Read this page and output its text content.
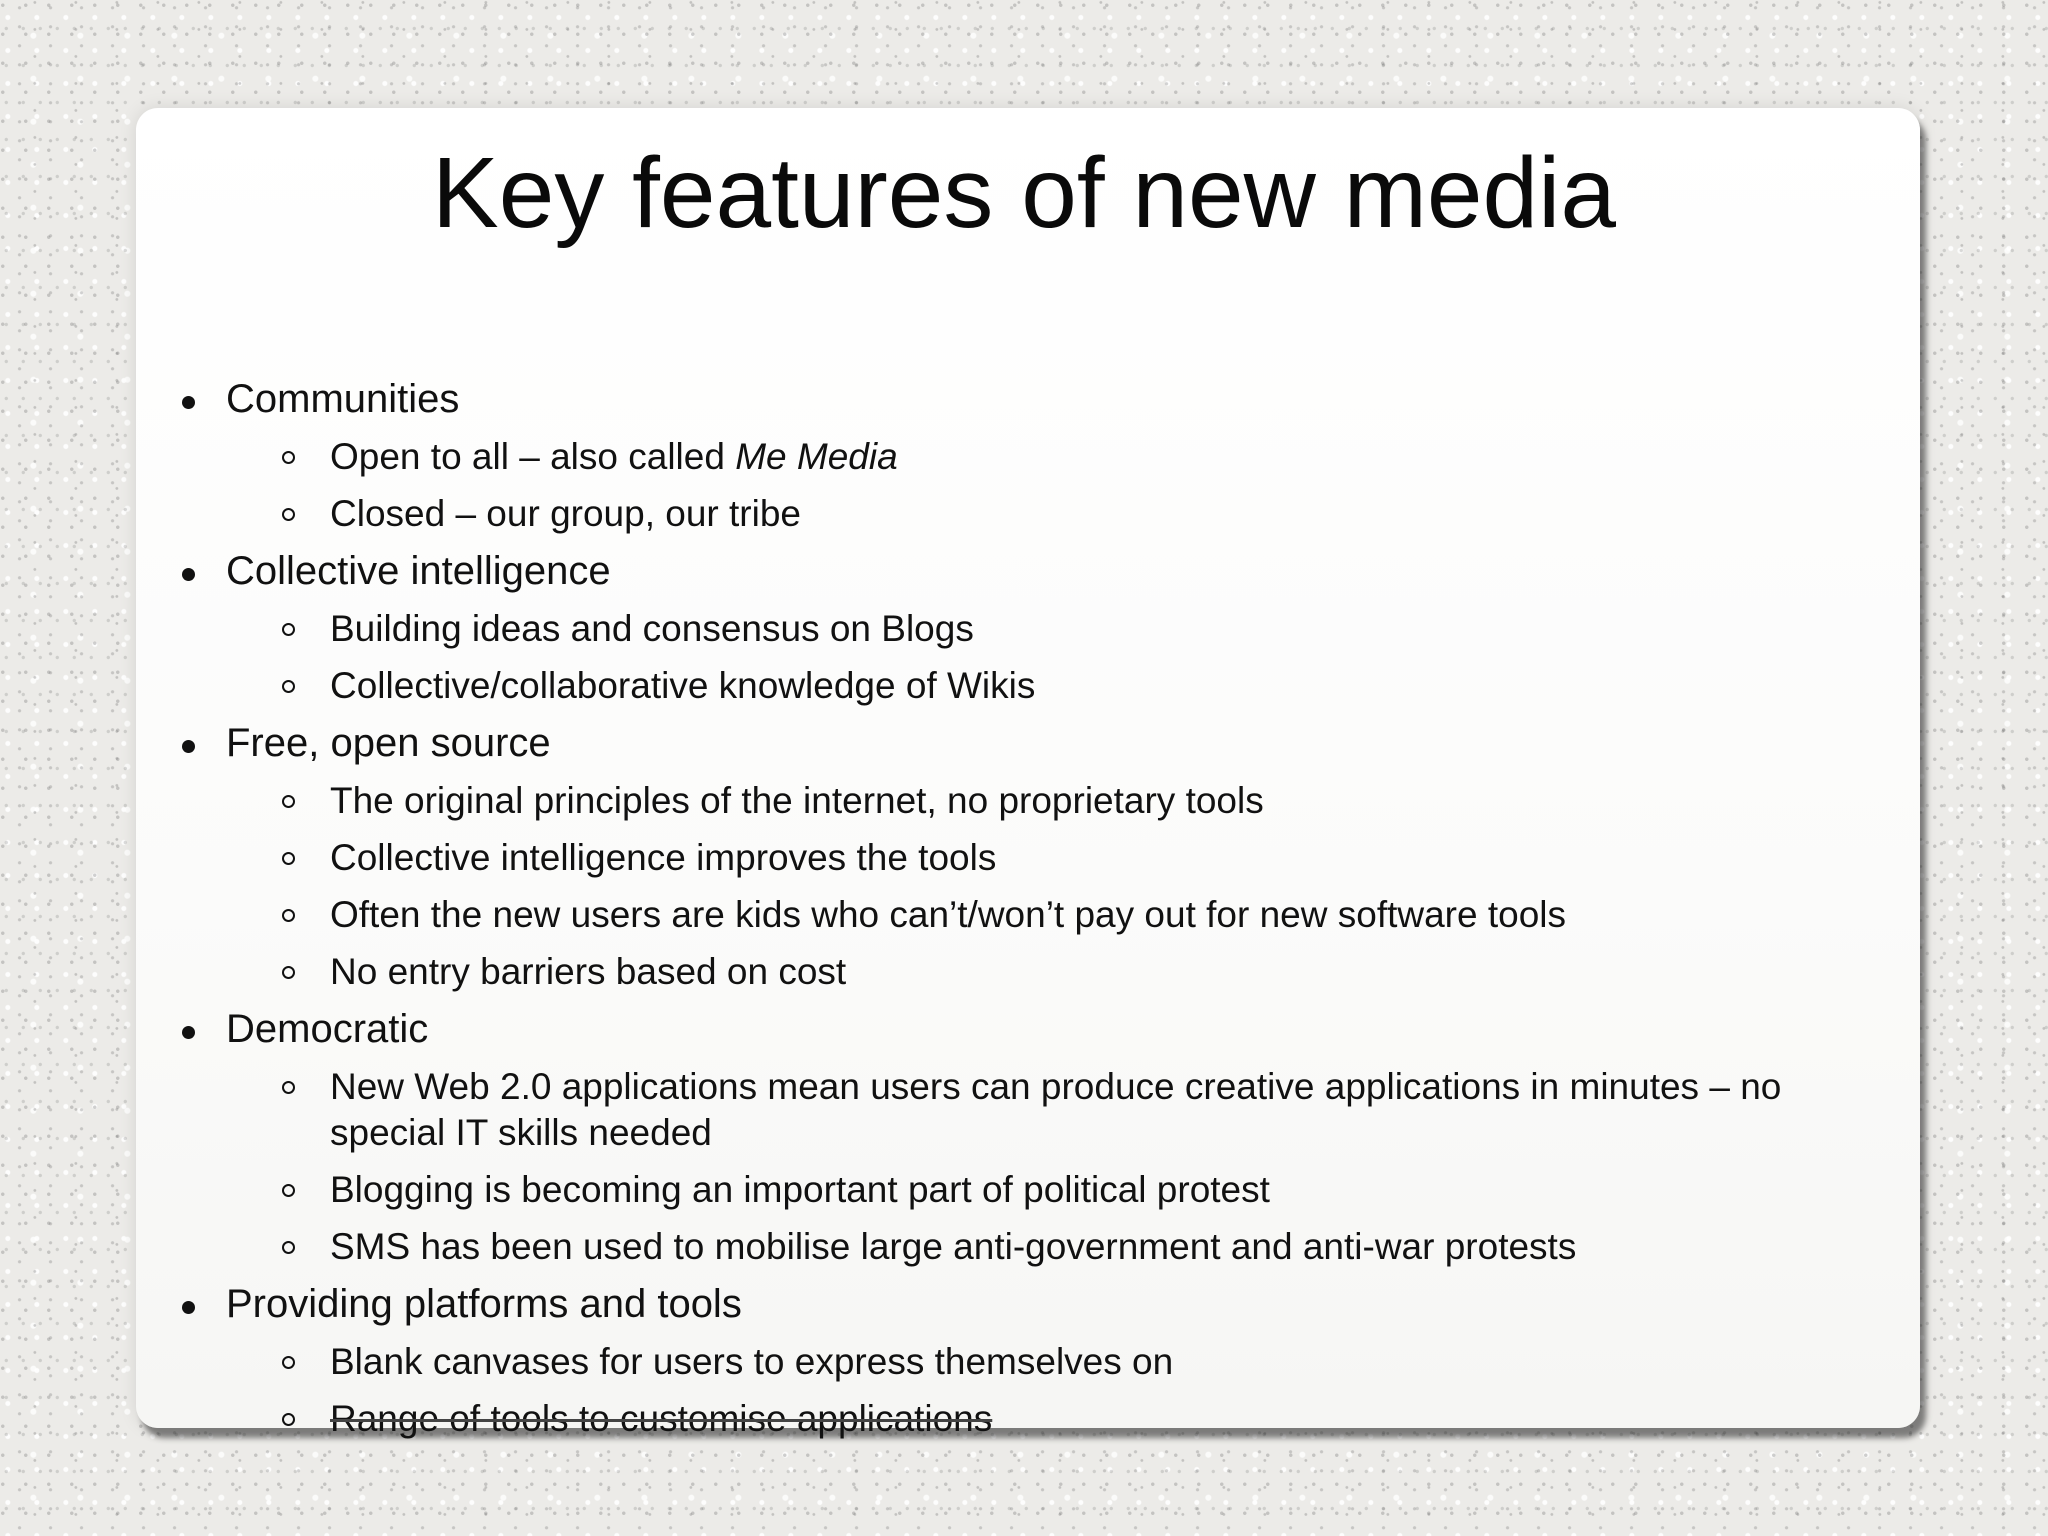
Key features of new media
Communities
Open to all – also called Me Media
Closed – our group, our tribe
Collective intelligence
Building ideas and consensus on Blogs
Collective/collaborative knowledge of Wikis
Free, open source
The original principles of the internet, no proprietary tools
Collective intelligence improves the tools
Often the new users are kids who can’t/won’t pay out for new software tools
No entry barriers based on cost
Democratic
New Web 2.0 applications mean users can produce creative applications in minutes – no special IT skills needed
Blogging is becoming an important part of political protest
SMS has been used to mobilise large anti-government and anti-war protests
Providing platforms and tools
Blank canvases for users to express themselves on
Range of tools to customise applications
